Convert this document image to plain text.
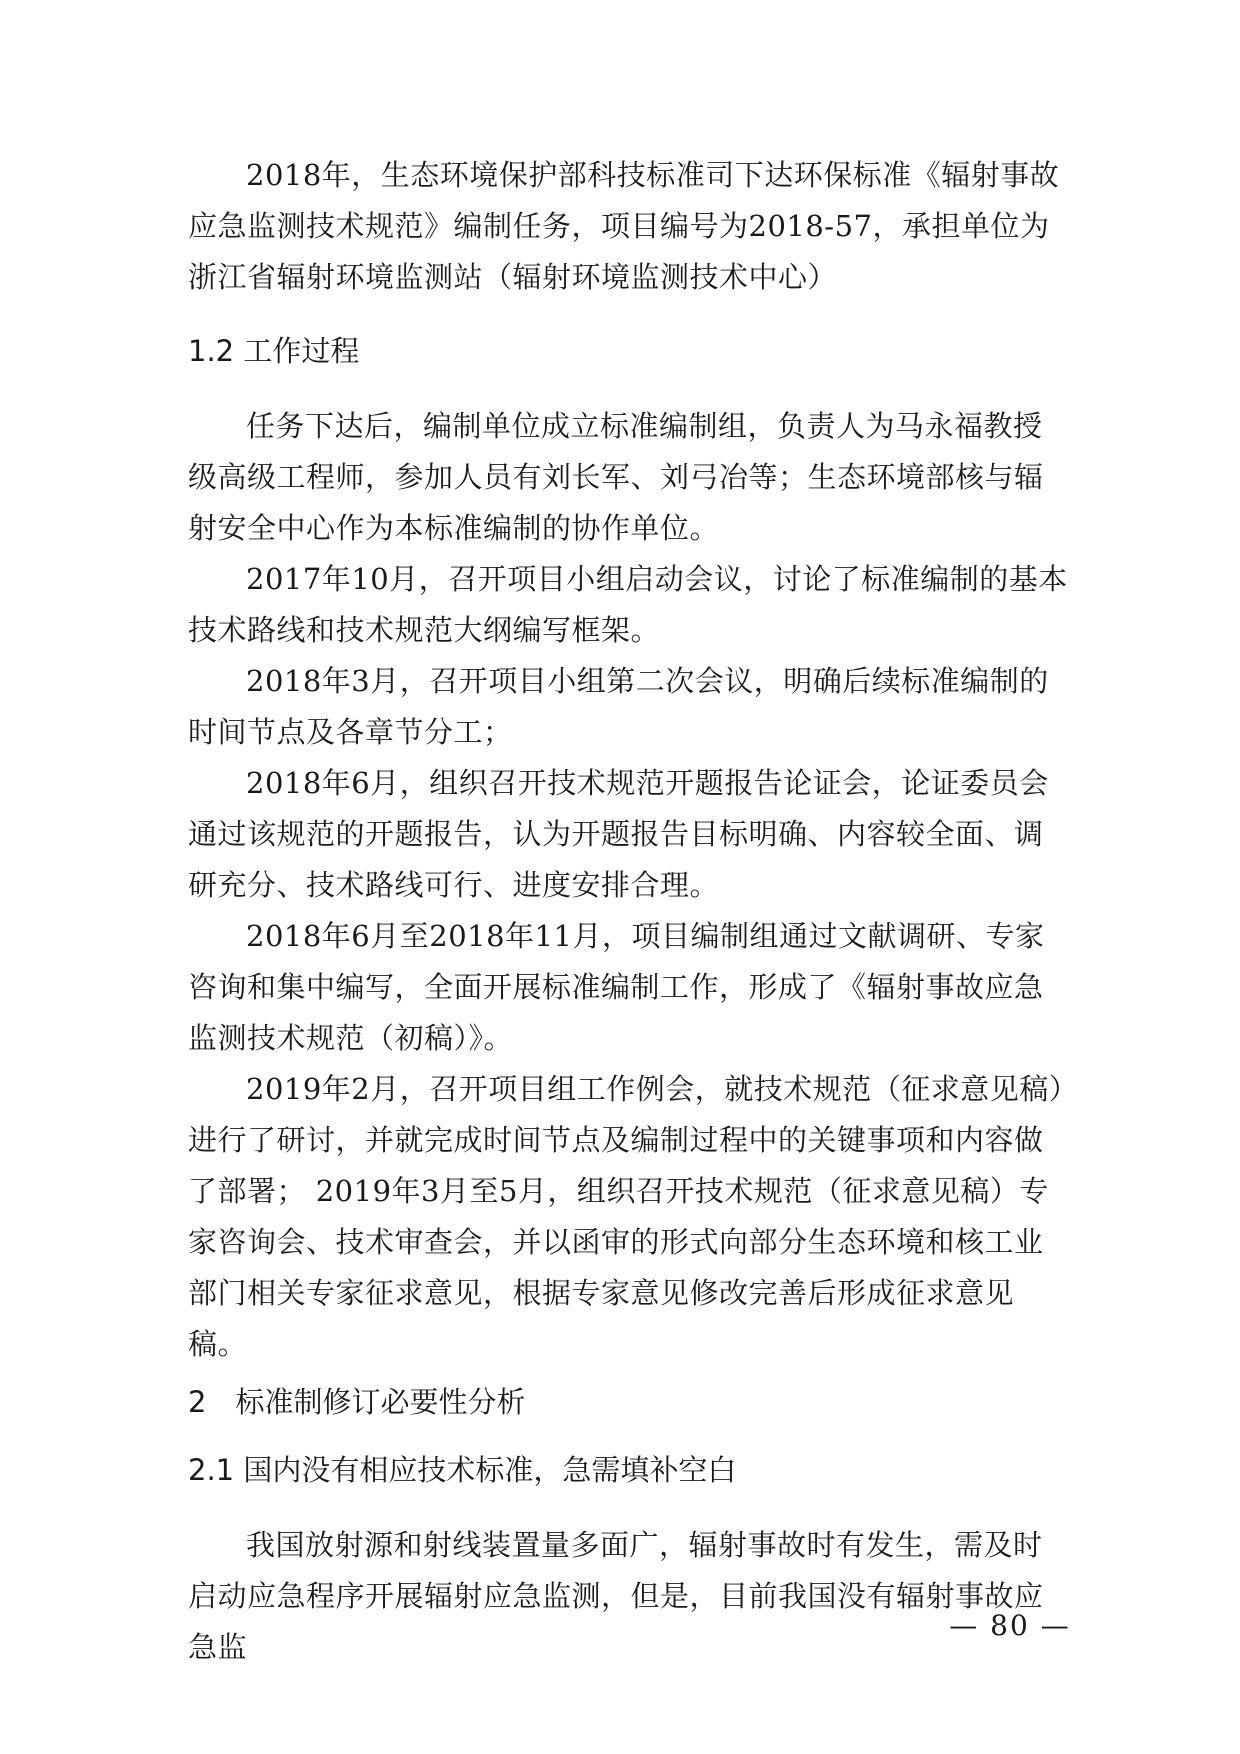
2018年，生态环境保护部科技标准司下达环保标准《辐射事故应急监测技术规范》编制任务，项目编号为2018-57，承担单位为浙江省辐射环境监测站（辐射环境监测技术中心）

1.2 工作过程

任务下达后，编制单位成立标准编制组，负责人为马永福教授级高级工程师，参加人员有刘长军、刘弓冶等；生态环境部核与辐射安全中心作为本标准编制的协作单位。

2017年10月，召开项目小组启动会议，讨论了标准编制的基本技术路线和技术规范大纲编写框架。

2018年3月，召开项目小组第二次会议，明确后续标准编制的时间节点及各章节分工；

2018年6月，组织召开技术规范开题报告论证会，论证委员会通过该规范的开题报告，认为开题报告目标明确、内容较全面、调研充分、技术路线可行、进度安排合理。

2018年6月至2018年11月，项目编制组通过文献调研、专家咨询和集中编写，全面开展标准编制工作，形成了《辐射事故应急监测技术规范（初稿）》。

2019年2月，召开项目组工作例会，就技术规范（征求意见稿）进行了研讨，并就完成时间节点及编制过程中的关键事项和内容做了部署； 2019年3月至5月，组织召开技术规范（征求意见稿）专家咨询会、技术审查会，并以函审的形式向部分生态环境和核工业部门相关专家征求意见，根据专家意见修改完善后形成征求意见稿。

2　标准制修订必要性分析

2.1 国内没有相应技术标准，急需填补空白

我国放射源和射线装置量多面广，辐射事故时有发生，需及时启动应急程序开展辐射应急监测，但是，目前我国没有辐射事故应急监

— 80 —
